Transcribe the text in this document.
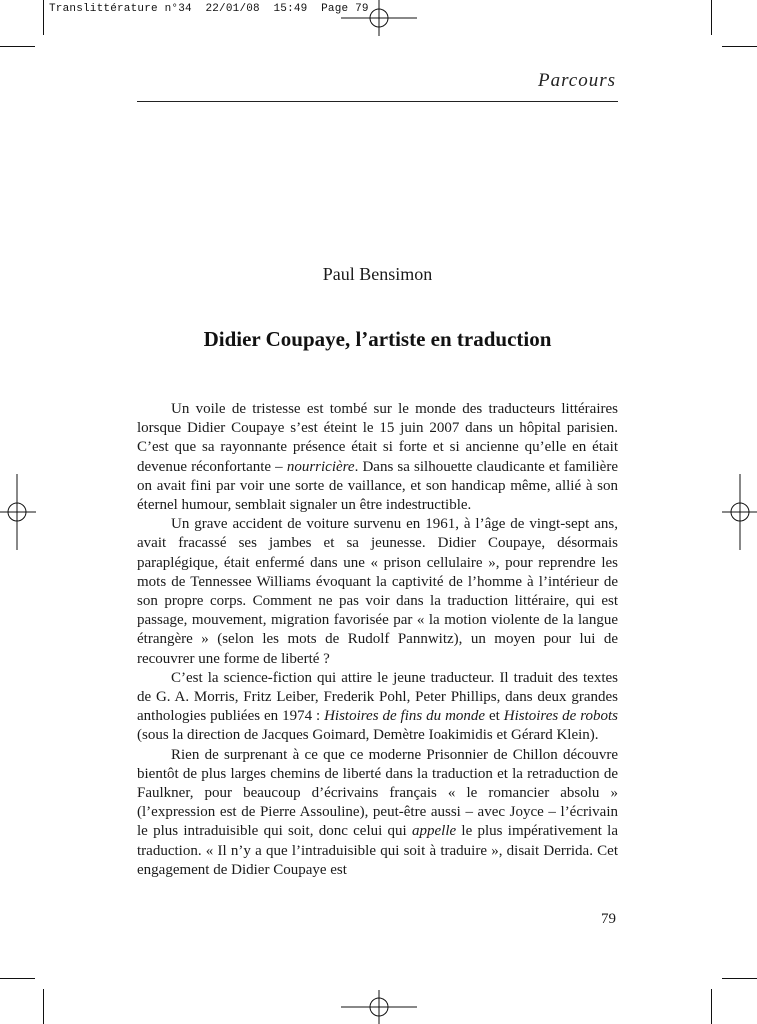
Translittérature n°34 22/01/08 15:49 Page 79
Parcours
Paul Bensimon
Didier Coupaye, l’artiste en traduction

Un voile de tristesse est tombé sur le monde des traducteurs littéraires lorsque Didier Coupaye s’est éteint le 15 juin 2007 dans un hôpital parisien. C’est que sa rayonnante présence était si forte et si ancienne qu’elle en était devenue réconfortante – nourricière. Dans sa silhouette claudicante et familière on avait fini par voir une sorte de vaillance, et son handicap même, allié à son éternel humour, semblait signaler un être indestructible.

Un grave accident de voiture survenu en 1961, à l’âge de vingt-sept ans, avait fracassé ses jambes et sa jeunesse. Didier Coupaye, désormais paraplégique, était enfermé dans une « prison cellulaire », pour reprendre les mots de Tennessee Williams évoquant la captivité de l’homme à l’intérieur de son propre corps. Comment ne pas voir dans la traduction littéraire, qui est passage, mouvement, migration favorisée par « la motion violente de la langue étrangère » (selon les mots de Rudolf Pannwitz), un moyen pour lui de recouvrer une forme de liberté ?

C’est la science-fiction qui attire le jeune traducteur. Il traduit des textes de G. A. Morris, Fritz Leiber, Frederik Pohl, Peter Phillips, dans deux grandes anthologies publiées en 1974 : Histoires de fins du monde et Histoires de robots (sous la direction de Jacques Goimard, Demètre Ioakimidis et Gérard Klein).

Rien de surprenant à ce que ce moderne Prisonnier de Chillon découvre bientôt de plus larges chemins de liberté dans la traduction et la retraduction de Faulkner, pour beaucoup d’écrivains français « le romancier absolu » (l’expression est de Pierre Assouline), peut-être aussi – avec Joyce – l’écrivain le plus intraduisible qui soit, donc celui qui appelle le plus impérativement la traduction. « Il n’y a que l’intraduisible qui soit à traduire », disait Derrida. Cet engagement de Didier Coupaye est

79
